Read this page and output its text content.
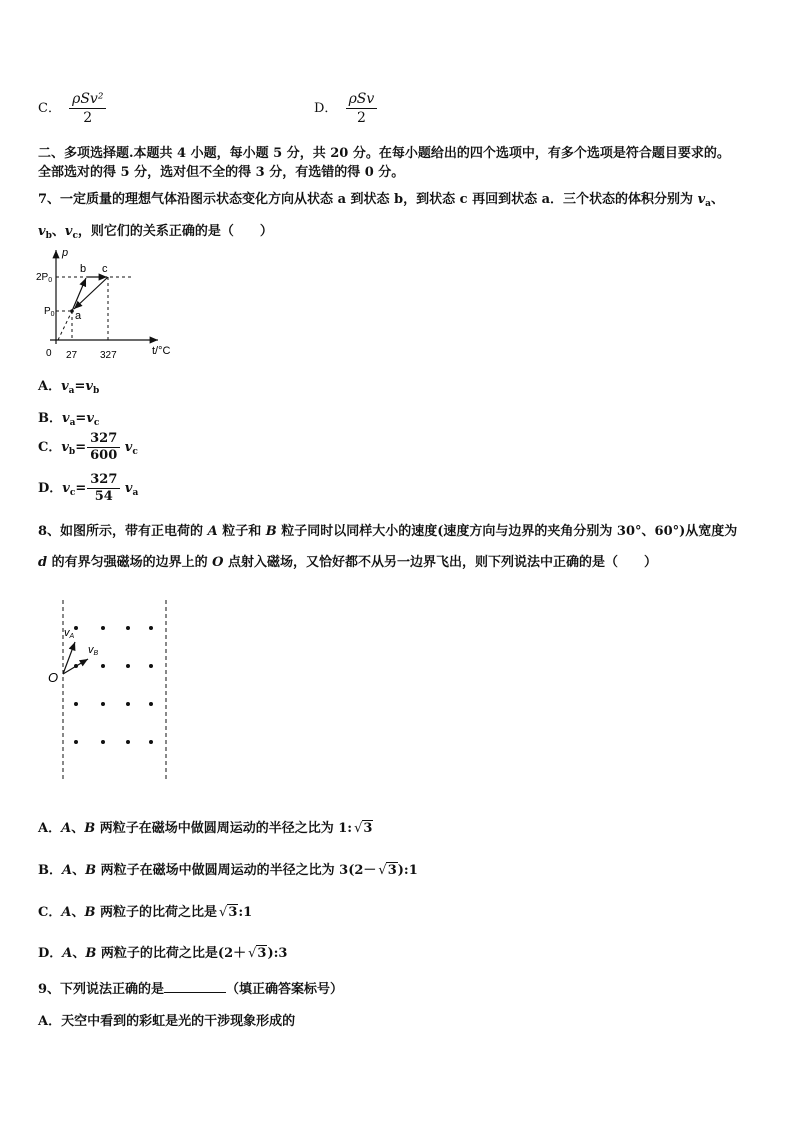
C． $\frac{\text{ρSv²}}{2}$	D． $\frac{\text{ρSv}}{2}$
二、多项选择题.本题共 4 小题，每小题 5 分，共 20 分。在每小题给出的四个选项中，有多个选项是符合题目要求的。
全部选对的得 5 分，选对但不全的得 3 分，有选错的得 0 分。
7、一定质量的理想气体沿图示状态变化方向从状态 a 到状态 b，到状态 c 再回到状态 a．三个状态的体积分别为 $v_a$、
$v_b$、$v_c$，则它们的关系正确的是（　　）
p
t/°C
$2P_0$
$P_0$
0 27 327
a
b c
A．$v_a=v_b$
B．$v_a=v_c$
C．$v_b= \frac{327}{600} v_c$
D．$v_c= \frac{327}{54} v_a$
8、如图所示，带有正电荷的 A 粒子和 B 粒子同时以同样大小的速度(速度方向与边界的夹角分别为 30°、60°)从宽度为
d 的有界匀强磁场的边界上的 O 点射入磁场，又恰好都不从另一边界飞出，则下列说法中正确的是（　　）
vA
vB
O
A．A、B 两粒子在磁场中做圆周运动的半径之比为 1: √ 3
B．A、B 两粒子在磁场中做圆周运动的半径之比为 3(2－ √ 3):1
C．A、B 两粒子的比荷之比是 √ 3:1
D．A、B 两粒子的比荷之比是(2＋ √ 3):3
9、下列说法正确的是	（填正确答案标号）
A．天空中看到的彩虹是光的干涉现象形成的
